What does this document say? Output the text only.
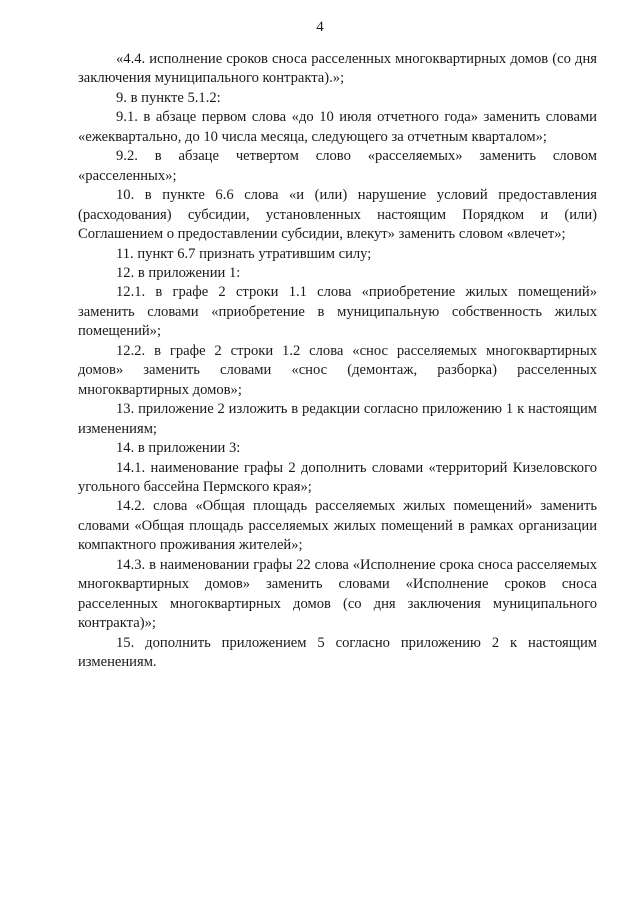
4

«4.4. исполнение сроков сноса расселенных многоквартирных домов (со дня заключения муниципального контракта).»;

9. в пункте 5.1.2:

9.1. в абзаце первом слова «до 10 июля отчетного года» заменить словами «ежеквартально, до 10 числа месяца, следующего за отчетным кварталом»;

9.2. в абзаце четвертом слово «расселяемых» заменить словом «расселенных»;

10. в пункте 6.6 слова «и (или) нарушение условий предоставления (расходования) субсидии, установленных настоящим Порядком и (или) Соглашением о предоставлении субсидии, влекут» заменить словом «влечет»;

11. пункт 6.7 признать утратившим силу;

12. в приложении 1:

12.1. в графе 2 строки 1.1 слова «приобретение жилых помещений» заменить словами «приобретение в муниципальную собственность жилых помещений»;

12.2. в графе 2 строки 1.2 слова «снос расселяемых многоквартирных домов» заменить словами «снос (демонтаж, разборка) расселенных многоквартирных домов»;

13. приложение 2 изложить в редакции согласно приложению 1 к настоящим изменениям;

14. в приложении 3:

14.1. наименование графы 2 дополнить словами «территорий Кизеловского угольного бассейна Пермского края»;

14.2. слова «Общая площадь расселяемых жилых помещений» заменить словами «Общая площадь расселяемых жилых помещений в рамках организации компактного проживания жителей»;

14.3. в наименовании графы 22 слова «Исполнение срока сноса расселяемых многоквартирных домов» заменить словами «Исполнение сроков сноса расселенных многоквартирных домов (со дня заключения муниципального контракта)»;

15. дополнить приложением 5 согласно приложению 2 к настоящим изменениям.
